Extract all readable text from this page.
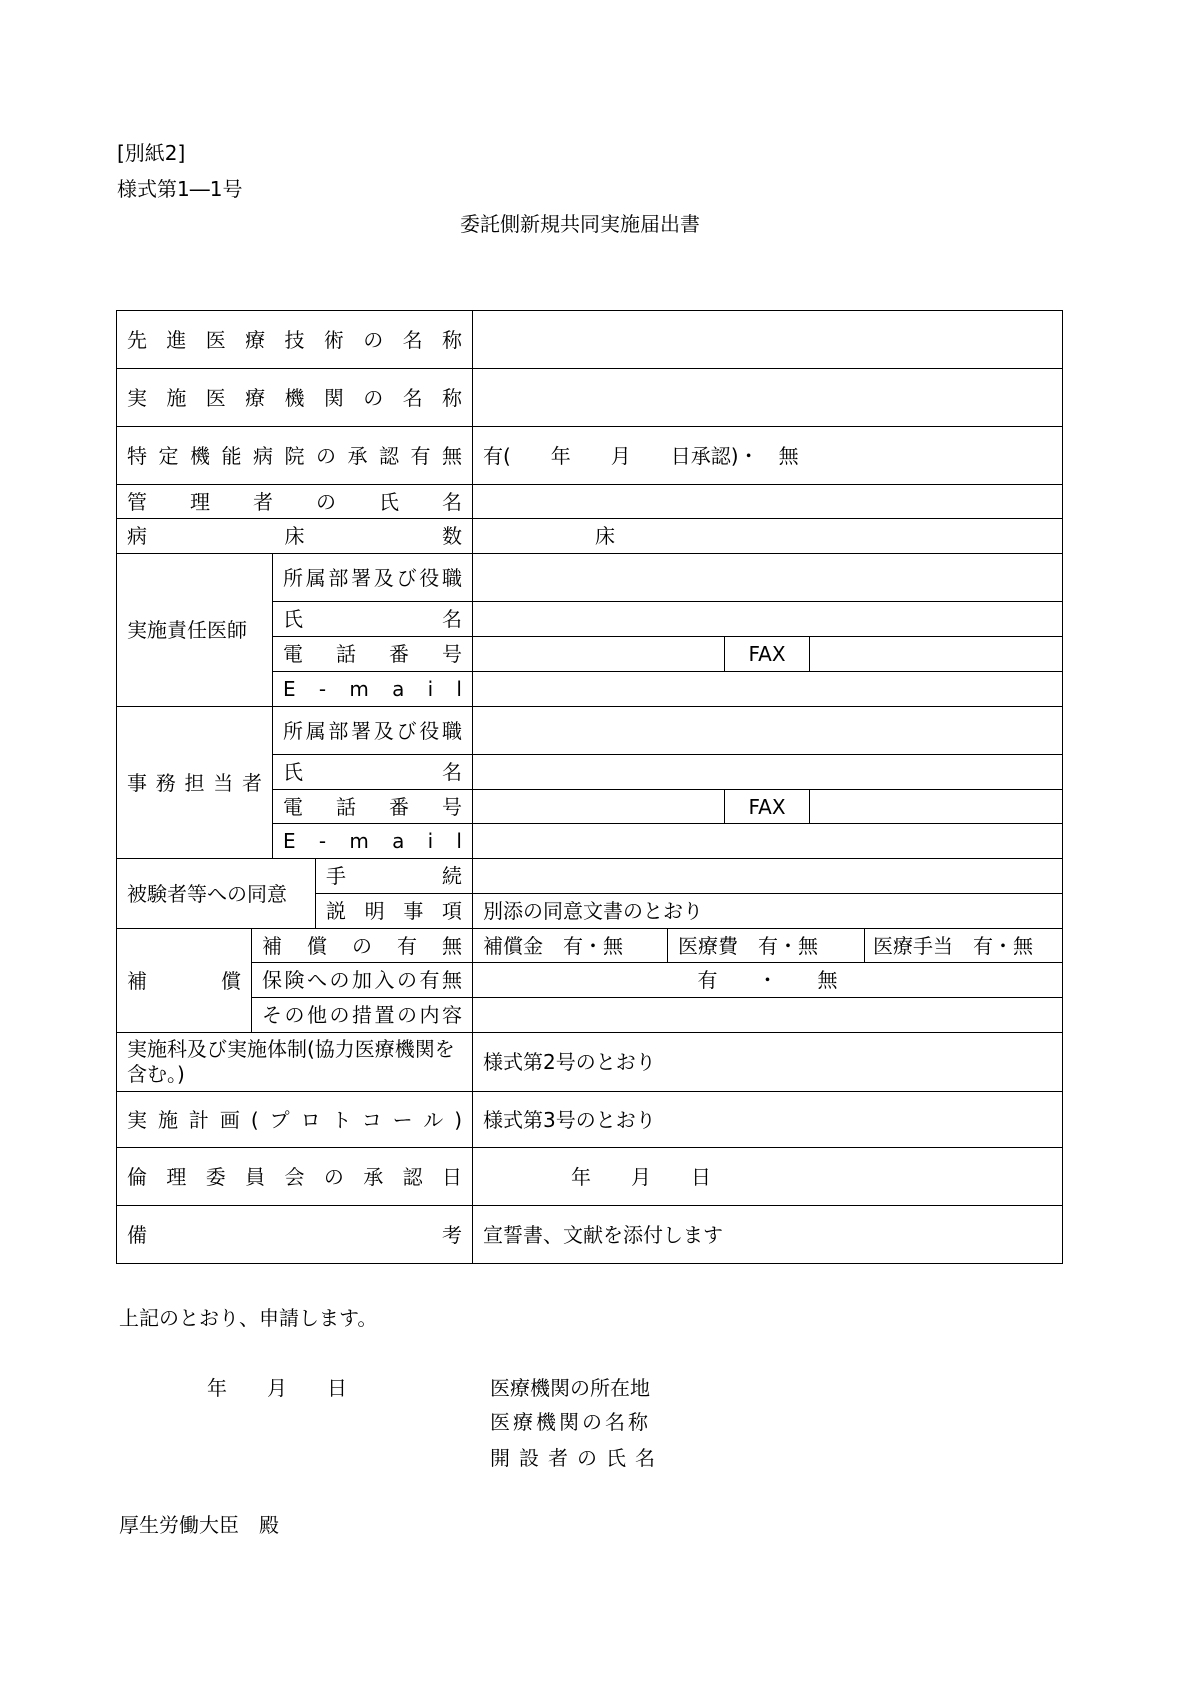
[別紙2]
様式第1―1号
委託側新規共同実施届出書
先進医療技術の名称								
実施医療機関の名称								
特定機能病院の承認有無				有(　　年　　月　　日承認)・　無				
管理者の氏名								
病床数				床				
実施責任医師		所属部署及び役職						
		氏名						
		電話番号				FAX		
		E - m a i l						
事務担当者		所属部署及び役職						
		氏名						
		電話番号				FAX		
		E - m a i l						
被験者等への同意			手続					
			説明事項	別添の同意文書のとおり				
補償	補償の有無			補償金　有・無	医療費　有・無			医療手当　有・無
	保険への加入の有無			有　　・　　無				
	その他の措置の内容							
実施科及び実施体制(協力医療機関を含む。)				様式第2号のとおり				
実施計画(プロトコール)				様式第3号のとおり				
倫理委員会の承認日				年　　月　　日				
備考				宣誓書、文献を添付します				
上記のとおり、申請します。
年　　月　　日	医療機関の所在地
医療機関の名称
開設者の氏名
厚生労働大臣　殿
